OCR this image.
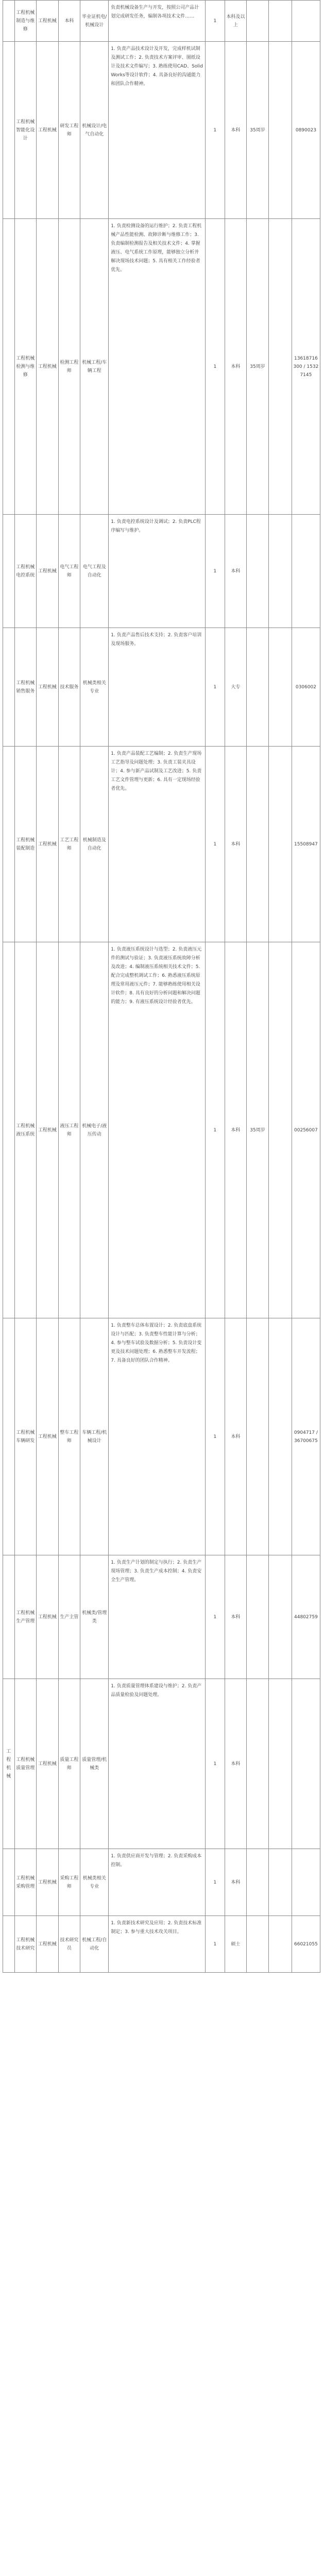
	工程机械制造与维修	工程机械	本科	毕业证机电/机械设计	负责机械设备生产与开发，按照公司产品计划完成研发任务，编制各项技术文件……	1	本科及以上			
	工程机械智能化设计	工程机械	研发工程师	机械设计/电气自动化	1. 负责产品技术设计及开发，完成样机试制及测试工作；2. 负责技术方案评审、图纸设计及技术文件编写；3. 熟练使用CAD、SolidWorks等设计软件；4. 具备良好的沟通能力和团队合作精神。	1	本科	35周岁		0890023
	工程机械检测与维修	工程机械	检测工程师	机械工程/车辆工程	1. 负责检测设备的运行维护；2. 负责工程机械产品性能检测、故障诊断与维修工作；3. 负责编制检测报告及相关技术文件；4. 掌握液压、电气系统工作原理，能够独立分析并解决现场技术问题；5. 具有相关工作经验者优先。	1	本科	35周岁		13618716300 / 15327145
	工程机械电控系统	工程机械	电气工程师	电气工程及自动化	1. 负责电控系统设计及调试；2. 负责PLC程序编写与维护。	1	本科			
	工程机械销售服务	工程机械	技术服务	机械类相关专业	1. 负责产品售后技术支持；2. 负责客户培训及现场服务。	1	大专			0306002
	工程机械装配制造	工程机械	工艺工程师	机械制造及自动化	1. 负责产品装配工艺编制；2. 负责生产现场工艺指导及问题处理；3. 负责工装夹具设计；4. 参与新产品试制及工艺改进；5. 负责工艺文件管理与更新；6. 具有一定现场经验者优先。	1	本科			15508947
	工程机械液压系统	工程机械	液压工程师	机械电子/液压传动	1. 负责液压系统设计与选型；2. 负责液压元件的测试与验证；3. 负责液压系统故障分析及改进；4. 编制液压系统相关技术文件；5. 配合完成整机调试工作；6. 熟悉液压系统原理及常用液压元件；7. 能够熟练使用相关设计软件；8. 具有良好的分析问题和解决问题的能力；9. 有液压系统设计经验者优先。	1	本科	35周岁		00256007
	工程机械车辆研发	工程机械	整车工程师	车辆工程/机械设计	1. 负责整车总体布置设计；2. 负责底盘系统设计与匹配；3. 负责整车性能计算与分析；4. 参与整车试验及数据分析；5. 负责设计变更及技术问题处理；6. 熟悉整车开发流程；7. 具备良好的团队合作精神。	1	本科			0904717 / 36700675
	工程机械生产管理	工程机械	生产主管	机械类/管理类	1. 负责生产计划的制定与执行；2. 负责生产现场管理；3. 负责生产成本控制；4. 负责安全生产管理。	1	本科			44802759
工程机械	工程机械质量管理	工程机械	质量工程师	质量管理/机械类	1. 负责质量管理体系建设与维护；2. 负责产品质量检验及问题处理。	1	本科			
	工程机械采购管理	工程机械	采购工程师	机械类相关专业	1. 负责供应商开发与管理；2. 负责采购成本控制。	1	本科			
	工程机械技术研究	工程机械	技术研究员	机械工程/自动化	1. 负责新技术研究及应用；2. 负责技术标准制定；3. 参与重大技术攻关项目。	1	硕士			66021055
